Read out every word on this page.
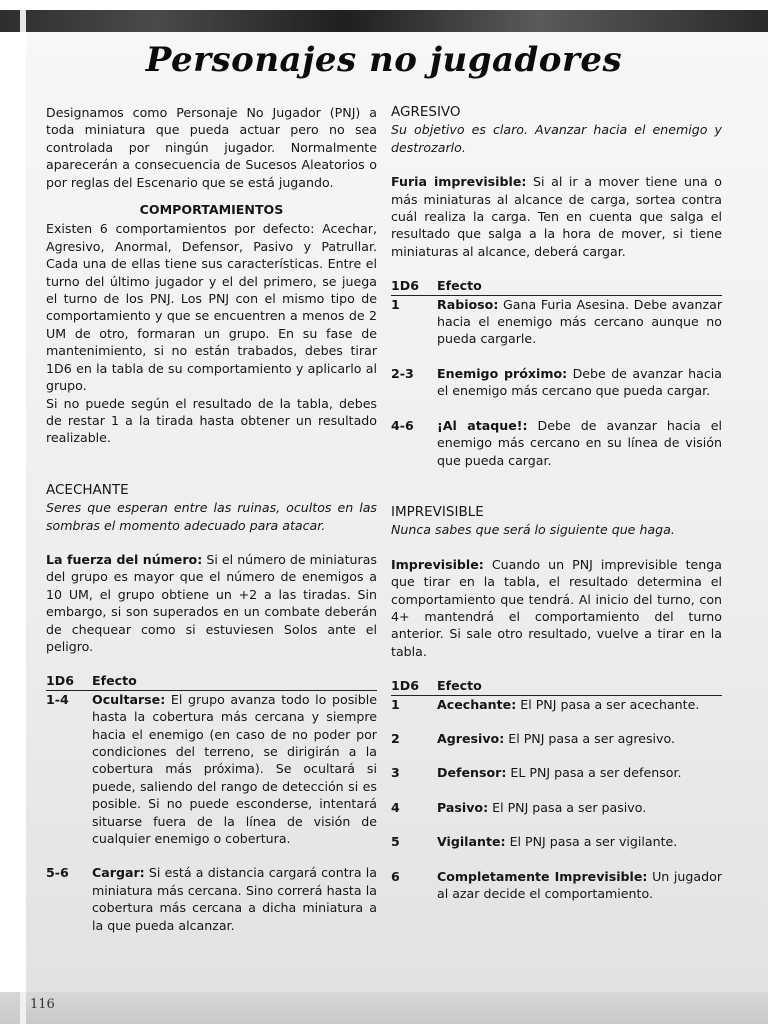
116
Personajes no jugadores

Designamos como Personaje No Jugador (PNJ) a toda miniatura que pueda actuar pero no sea controlada por ningún jugador. Normalmente aparecerán a consecuencia de Sucesos Aleatorios o por reglas del Escenario que se está jugando.

COMPORTAMIENTOS

Existen 6 comportamientos por defecto: Acechar, Agresivo, Anormal, Defensor, Pasivo y Patrullar. Cada una de ellas tiene sus características. Entre el turno del último jugador y el del primero, se juega el turno de los PNJ. Los PNJ con el mismo tipo de comportamiento y que se encuentren a menos de 2 UM de otro, formaran un grupo. En su fase de mantenimiento, si no están trabados, debes tirar 1D6 en la tabla de su comportamiento y aplicarlo al grupo.

Si no puede según el resultado de la tabla, debes de restar 1 a la tirada hasta obtener un resultado realizable.

ACECHANTE

Seres que esperan entre las ruinas, ocultos en las sombras el momento adecuado para atacar.

La fuerza del número: Si el número de miniaturas del grupo es mayor que el número de enemigos a 10 UM, el grupo obtiene un +2 a las tiradas. Sin embargo, si son superados en un combate deberán de chequear como si estuviesen Solos ante el peligro.

1D6	Efecto
1-4	Ocultarse: El grupo avanza todo lo posible hasta la cobertura más cercana y siempre hacia el enemigo (en caso de no poder por condiciones del terreno, se dirigirán a la cobertura más próxima). Se ocultará si puede, saliendo del rango de detección si es posible. Si no puede esconderse, intentará situarse fuera de la línea de visión de cualquier enemigo o cobertura.
5-6	Cargar: Si está a distancia cargará contra la miniatura más cercana. Sino correrá hasta la cobertura más cercana a dicha miniatura a la que pueda alcanzar.

AGRESIVO

Su objetivo es claro. Avanzar hacia el enemigo y destrozarlo.

Furia imprevisible: Si al ir a mover tiene una o más miniaturas al alcance de carga, sortea contra cuál realiza la carga. Ten en cuenta que salga el resultado que salga a la hora de mover, si tiene miniaturas al alcance, deberá cargar.

1D6	Efecto
1	Rabioso: Gana Furia Asesina. Debe avanzar hacia el enemigo más cercano aunque no pueda cargarle.
2-3	Enemigo próximo: Debe de avanzar hacia el enemigo más cercano que pueda cargar.
4-6	¡Al ataque!: Debe de avanzar hacia el enemigo más cercano en su línea de visión que pueda cargar.

IMPREVISIBLE

Nunca sabes que será lo siguiente que haga.

Imprevisible: Cuando un PNJ imprevisible tenga que tirar en la tabla, el resultado determina el comportamiento que tendrá. Al inicio del turno, con 4+ mantendrá el comportamiento del turno anterior. Si sale otro resultado, vuelve a tirar en la tabla.

1D6	Efecto
1	Acechante: El PNJ pasa a ser acechante.
2	Agresivo: El PNJ pasa a ser agresivo.
3	Defensor: EL PNJ pasa a ser defensor.
4	Pasivo: El PNJ pasa a ser pasivo.
5	Vigilante: El PNJ pasa a ser vigilante.
6	Completamente Imprevisible: Un jugador al azar decide el comportamiento.
